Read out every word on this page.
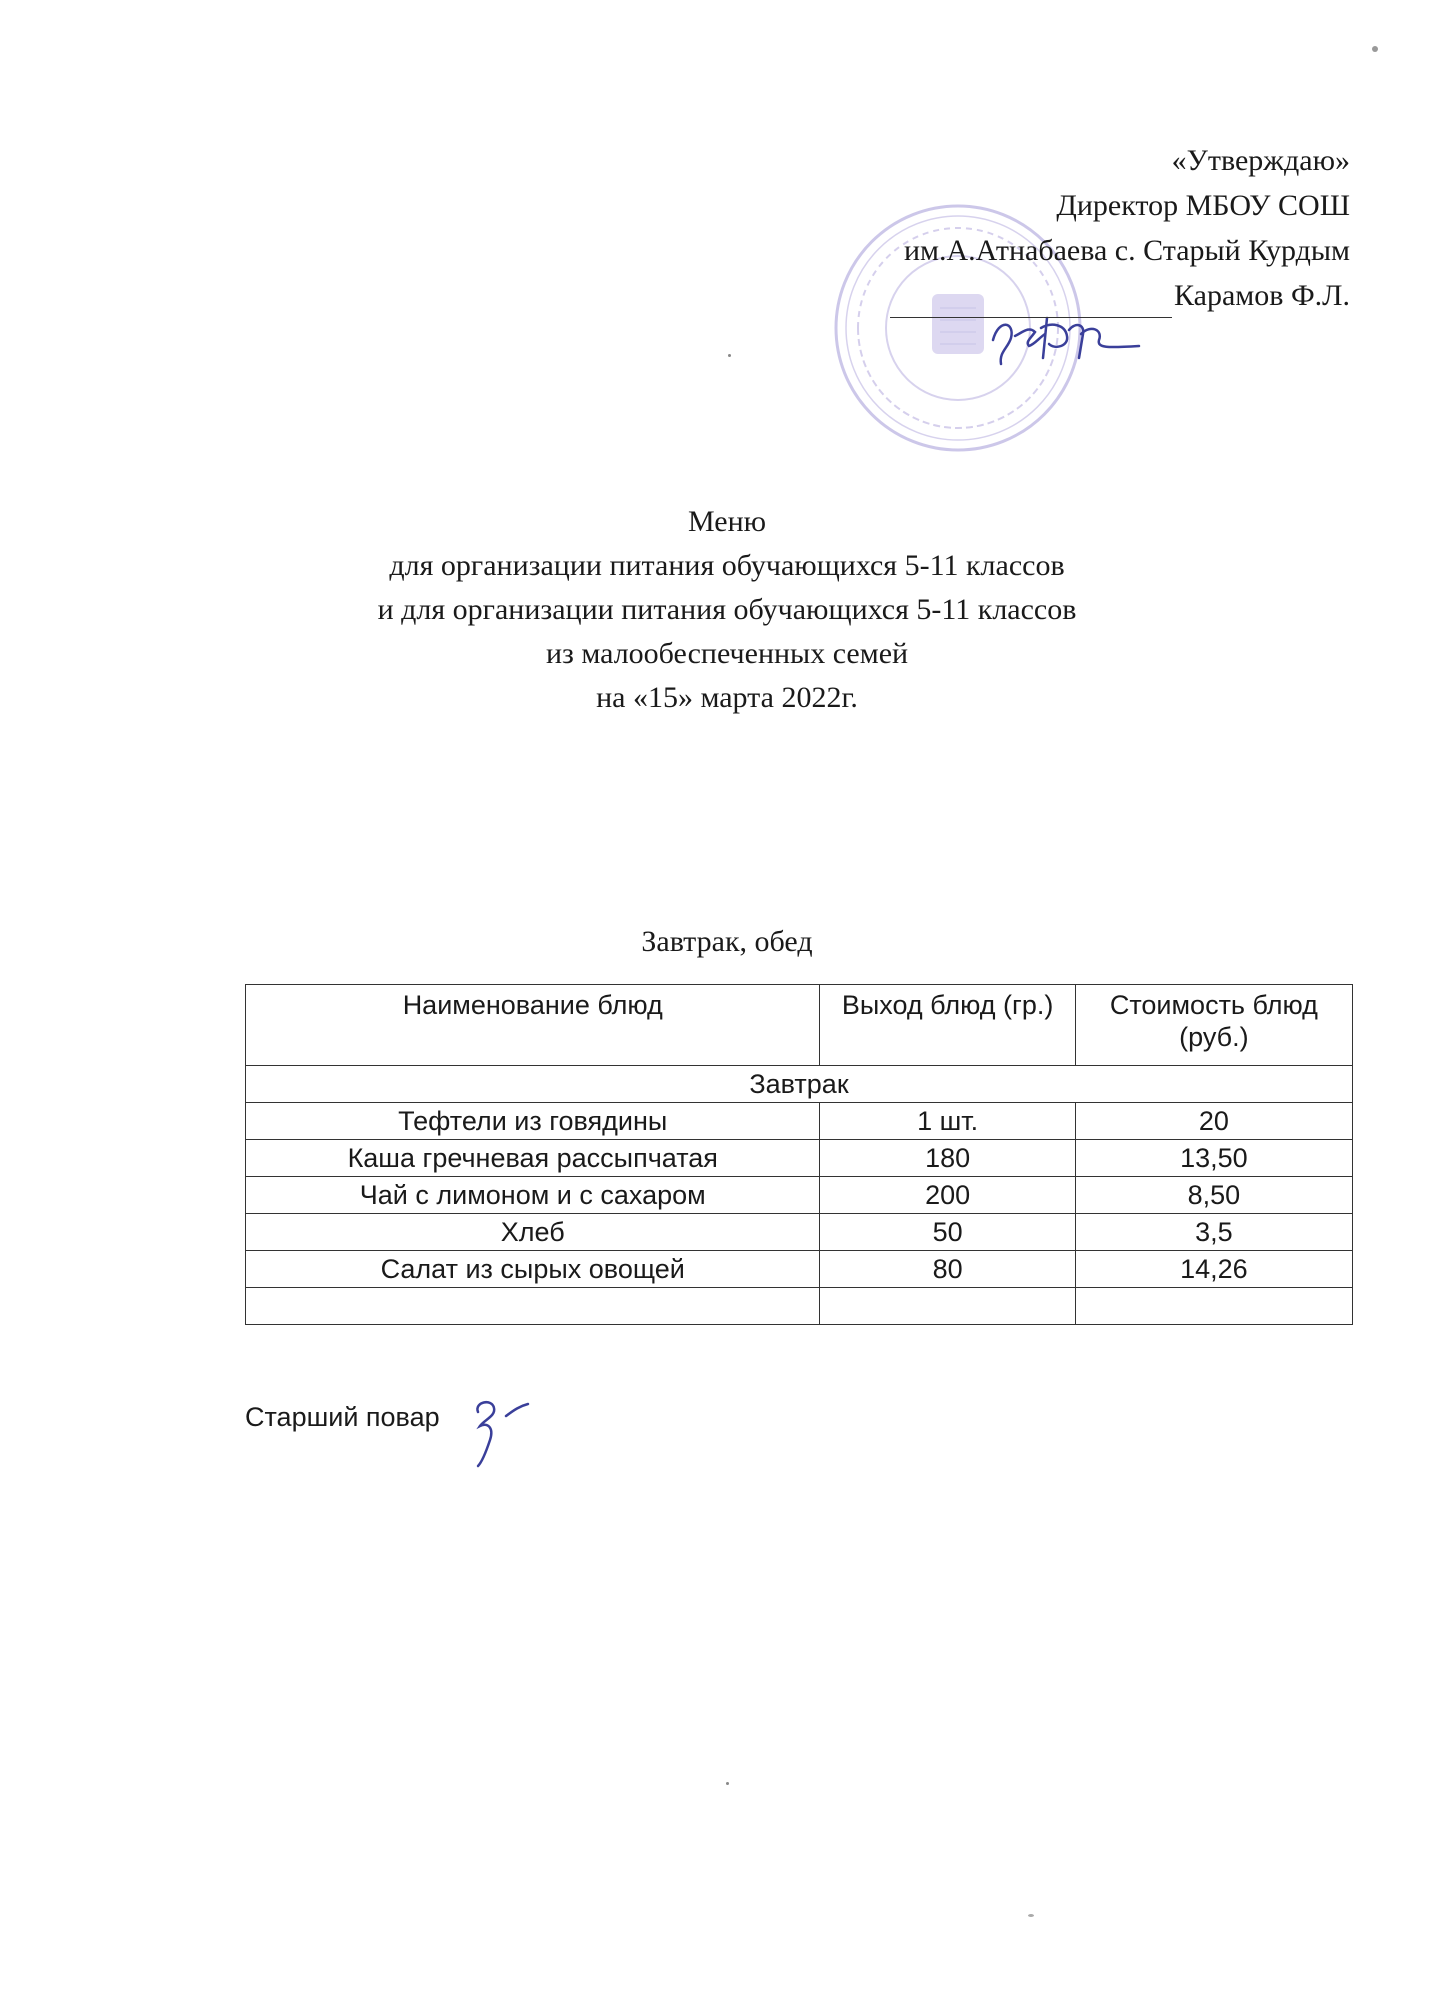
«Утверждаю»
Директор МБОУ СОШ
им.А.Атнабаева с. Старый Курдым
Карамов Ф.Л.
Меню
для организации питания обучающихся 5-11 классов
и для организации питания обучающихся 5-11 классов
из малообеспеченных семей
на «15» марта 2022г.
Завтрак, обед
Наименование блюд	Выход блюд (гр.)	Стоимость блюд (руб.)
Завтрак		
Тефтели из говядины	1 шт.	20
Каша гречневая рассыпчатая	180	13,50
Чай с лимоном и с сахаром	200	8,50
Хлеб	50	3,5
Салат из сырых овощей	80	14,26

Старший повар
